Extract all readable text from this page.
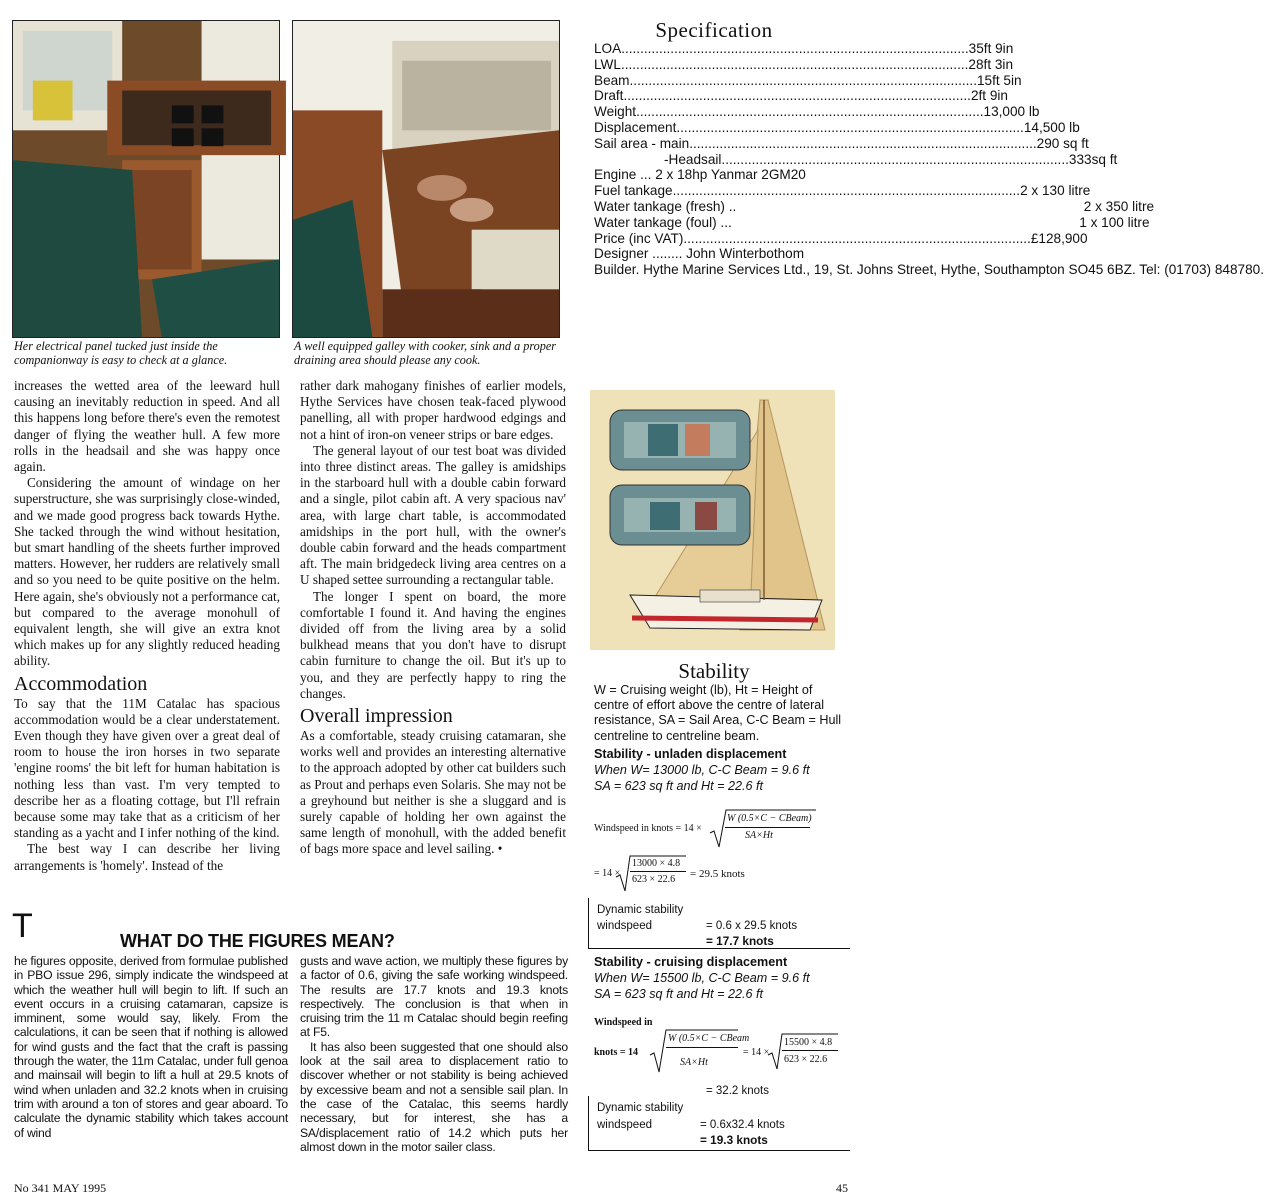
Her electrical panel tucked just inside the companionway is easy to check at a glance.
A well equipped galley with cooker, sink and a proper draining area should please any cook.

increases the wetted area of the leeward hull causing an inevitably reduction in speed. And all this happens long before there's even the remotest danger of flying the weather hull. A few more rolls in the headsail and she was happy once again.

Considering the amount of windage on her superstructure, she was surprisingly close-winded, and we made good progress back towards Hythe. She tacked through the wind without hesitation, but smart handling of the sheets further improved matters. However, her rudders are relatively small and so you need to be quite positive on the helm. Here again, she's obviously not a performance cat, but compared to the average monohull of equivalent length, she will give an extra knot which makes up for any slightly reduced heading ability.

Accommodation

To say that the 11M Catalac has spacious accommodation would be a clear understatement. Even though they have given over a great deal of room to house the iron horses in two separate 'engine rooms' the bit left for human habitation is nothing less than vast. I'm very tempted to describe her as a floating cottage, but I'll refrain because some may take that as a criticism of her standing as a yacht and I infer nothing of the kind.

The best way I can describe her living arrangements is 'homely'. Instead of the

rather dark mahogany finishes of earlier models, Hythe Services have chosen teak-faced plywood panelling, all with proper hardwood edgings and not a hint of iron-on veneer strips or bare edges.

The general layout of our test boat was divided into three distinct areas. The galley is amidships in the starboard hull with a double cabin forward and a single, pilot cabin aft. A very spacious nav' area, with large chart table, is accommodated amidships in the port hull, with the owner's double cabin forward and the heads compartment aft. The main bridgedeck living area centres on a U shaped settee surrounding a rectangular table.

The longer I spent on board, the more comfortable I found it. And having the engines divided off from the living area by a solid bulkhead means that you don't have to disrupt cabin furniture to change the oil. But it's up to you, and they are perfectly happy to ring the changes.

Overall impression

As a comfortable, steady cruising catamaran, she works well and provides an interesting alternative to the approach adopted by other cat builders such as Prout and perhaps even Solaris. She may not be a greyhound but neither is she a sluggard and is surely capable of holding her own against the same length of monohull, with the added benefit of bags more space and level sailing. •

Specification
LOA .....	35ft 9in
LWL .....	28ft 3in
Beam .....	15ft 5in
Draft .....	2ft 9in
Weight .....	13,000 lb
Displacement .....	14,500 lb
Sail area - main .....	290 sq ft
-Headsail .....	333sq ft
Engine ... 2 x 18hp Yanmar 2GM20
Fuel tankage .....	2 x 130 litre
Water tankage (fresh) ..	2 x 350 litre
Water tankage (foul) ...	1 x 100 litre
Price (inc VAT) .....	£128,900
Designer ........ John Winterbothom
Builder. Hythe Marine Services Ltd., 19, St. Johns Street, Hythe, Southampton SO45 6BZ. Tel: (01703) 848780.
Stability
W = Cruising weight (lb), Ht = Height of centre of effort above the centre of lateral resistance, SA = Sail Area, C-C Beam = Hull centreline to centreline beam.
Stability - unladen displacement
When W= 13000 lb, C-C Beam = 9.6 ft
SA = 623 sq ft and Ht = 22.6 ft
Windspeed in knots = 14 ×
W (0.5×C − CBeam)
SA×Ht
= 14 ×
13000 × 4.8
623 × 22.6 = 29.5 knots
Dynamic stability
windspeed	= 0.6 x 29.5 knots
= 17.7 knots
Stability - cruising displacement
When W= 15500 lb, C-C Beam = 9.6 ft
SA = 623 sq ft and Ht = 22.6 ft
Windspeed in
knots = 14
W (0.5×C − CBeam
SA×Ht
= 14 ×
15500 × 4.8
623 × 22.6
= 32.2 knots
Dynamic stability
windspeed	= 0.6x32.4 knots
= 19.3 knots
T	WHAT DO THE FIGURES MEAN?

he figures opposite, derived from formulae published in PBO issue 296, simply indicate the windspeed at which the weather hull will begin to lift. If such an event occurs in a cruising catamaran, capsize is imminent, some would say, likely. From the calculations, it can be seen that if nothing is allowed for wind gusts and the fact that the craft is passing through the water, the 11m Catalac, under full genoa and mainsail will begin to lift a hull at 29.5 knots of wind when unladen and 32.2 knots when in cruising trim with around a ton of stores and gear aboard. To calculate the dynamic stability which takes account of wind

gusts and wave action, we multiply these figures by a factor of 0.6, giving the safe working windspeed. The results are 17.7 knots and 19.3 knots respectively. The conclusion is that when in cruising trim the 11 m Catalac should begin reefing at F5.

It has also been suggested that one should also look at the sail area to displacement ratio to discover whether or not stability is being achieved by excessive beam and not a sensible sail plan. In the case of the Catalac, this seems hardly necessary, but for interest, she has a SA/displacement ratio of 14.2 which puts her almost down in the motor sailer class.

No 341 MAY 1995	45
